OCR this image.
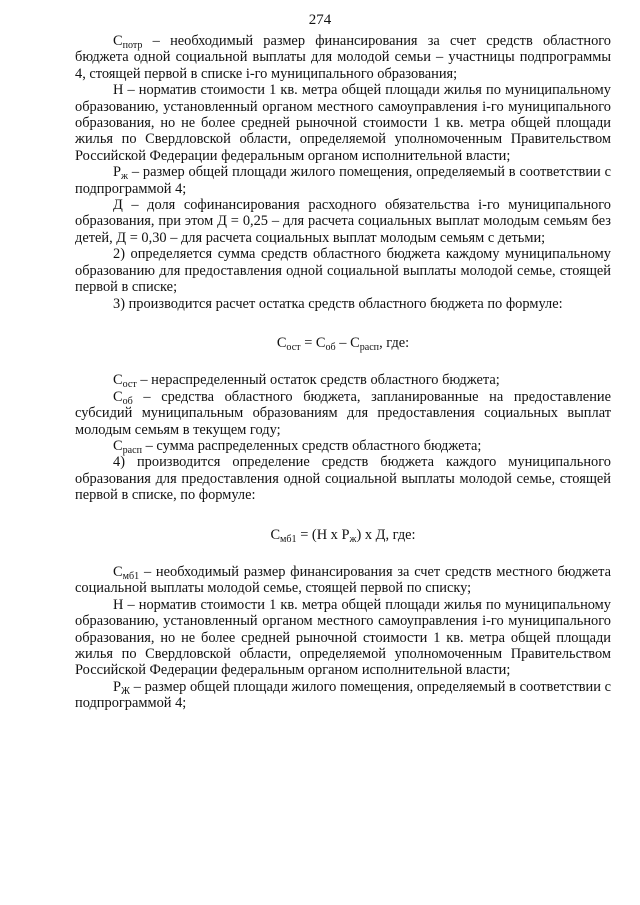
274

$С_{потр}$ – необходимый размер финансирования за счет средств областного бюджета одной социальной выплаты для молодой семьи – участницы подпрограммы 4, стоящей первой в списке i-го муниципального образования;

Н – норматив стоимости 1 кв. метра общей площади жилья по муниципальному образованию, установленный органом местного самоуправления i-го муниципального образования, но не более средней рыночной стоимости 1 кв. метра общей площади жилья по Свердловской области, определяемой уполномоченным Правительством Российской Федерации федеральным органом исполнительной власти;

$Р_ж$ – размер общей площади жилого помещения, определяемый в соответствии с подпрограммой 4;

Д – доля софинансирования расходного обязательства i-го муниципального образования, при этом Д = 0,25 – для расчета социальных выплат молодым семьям без детей, Д = 0,30 – для расчета социальных выплат молодым семьям с детьми;

2) определяется сумма средств областного бюджета каждому муниципальному образованию для предоставления одной социальной выплаты молодой семье, стоящей первой в списке;

3) производится расчет остатка средств областного бюджета по формуле:

$С_{ост} = С_{об} - С_{расп}$, где:

$С_{ост}$ – нераспределенный остаток средств областного бюджета;

$С_{об}$ – средства областного бюджета, запланированные на предоставление субсидий муниципальным образованиям для предоставления социальных выплат молодым семьям в текущем году;

$С_{расп}$ – сумма распределенных средств областного бюджета;

4) производится определение средств бюджета каждого муниципального образования для предоставления одной социальной выплаты молодой семье, стоящей первой в списке, по формуле:

$С_{мб1} = (Н$ х $Р_ж$) х Д, где:

$С_{мб1}$ – необходимый размер финансирования за счет средств местного бюджета социальной выплаты молодой семье, стоящей первой по списку;

Н – норматив стоимости 1 кв. метра общей площади жилья по муниципальному образованию, установленный органом местного самоуправления i-го муниципального образования, но не более средней рыночной стоимости 1 кв. метра общей площади жилья по Свердловской области, определяемой уполномоченным Правительством Российской Федерации федеральным органом исполнительной власти;

$Р_Ж$ – размер общей площади жилого помещения, определяемый в соответствии с подпрограммой 4;
